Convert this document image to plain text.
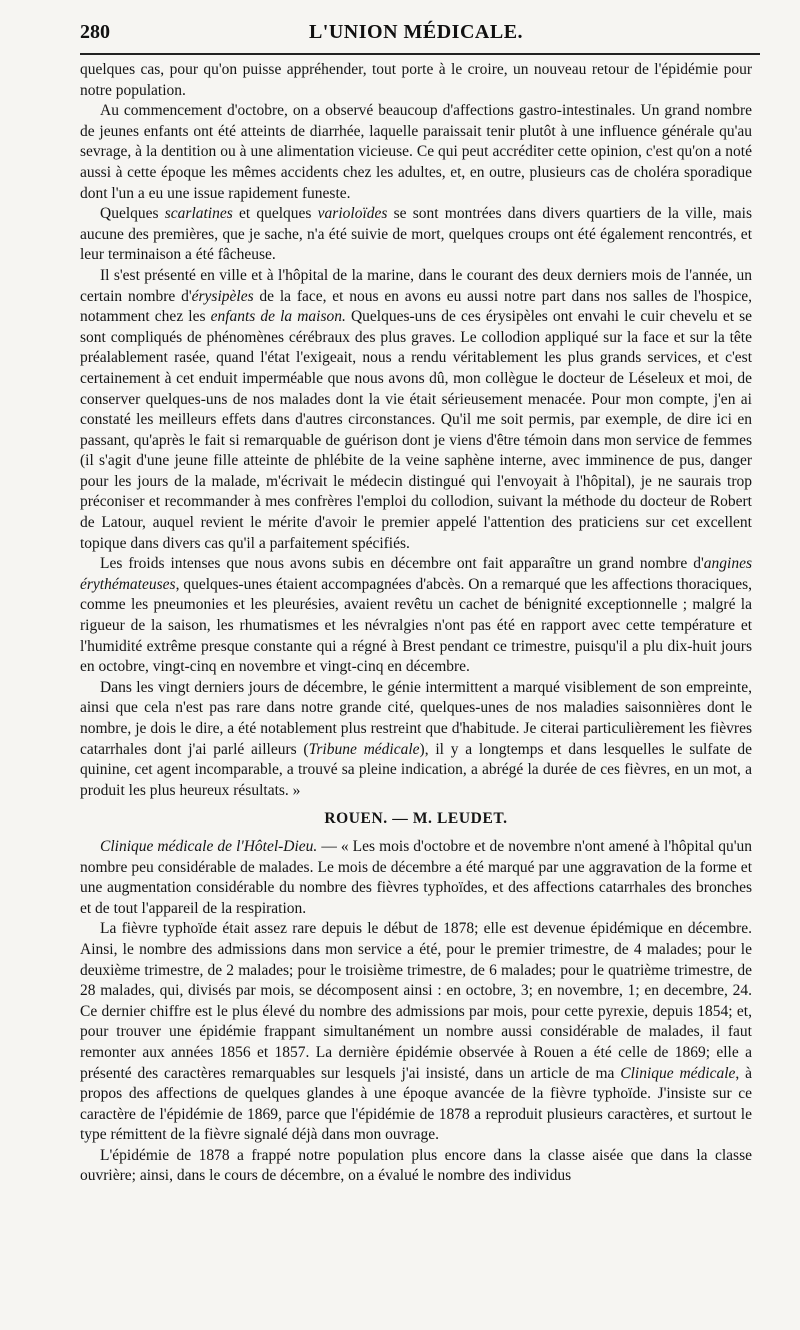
280	L'UNION MÉDICALE.

quelques cas, pour qu'on puisse appréhender, tout porte à le croire, un nouveau retour de l'épidémie pour notre population.

Au commencement d'octobre, on a observé beaucoup d'affections gastro-intestinales. Un grand nombre de jeunes enfants ont été atteints de diarrhée, laquelle paraissait tenir plutôt à une influence générale qu'au sevrage, à la dentition ou à une alimentation vicieuse. Ce qui peut accréditer cette opinion, c'est qu'on a noté aussi à cette époque les mêmes accidents chez les adultes, et, en outre, plusieurs cas de choléra sporadique dont l'un a eu une issue rapidement funeste.

Quelques scarlatines et quelques varioloïdes se sont montrées dans divers quartiers de la ville, mais aucune des premières, que je sache, n'a été suivie de mort, quelques croups ont été également rencontrés, et leur terminaison a été fâcheuse.

Il s'est présenté en ville et à l'hôpital de la marine, dans le courant des deux derniers mois de l'année, un certain nombre d'érysipèles de la face, et nous en avons eu aussi notre part dans nos salles de l'hospice, notamment chez les enfants de la maison. Quelques-uns de ces érysipèles ont envahi le cuir chevelu et se sont compliqués de phénomènes cérébraux des plus graves. Le collodion appliqué sur la face et sur la tête préalablement rasée, quand l'état l'exigeait, nous a rendu véritablement les plus grands services, et c'est certainement à cet enduit imperméable que nous avons dû, mon collègue le docteur de Léseleux et moi, de conserver quelques-uns de nos malades dont la vie était sérieusement menacée. Pour mon compte, j'en ai constaté les meilleurs effets dans d'autres circonstances. Qu'il me soit permis, par exemple, de dire ici en passant, qu'après le fait si remarquable de guérison dont je viens d'être témoin dans mon service de femmes (il s'agit d'une jeune fille atteinte de phlébite de la veine saphène interne, avec imminence de pus, danger pour les jours de la malade, m'écrivait le médecin distingué qui l'envoyait à l'hôpital), je ne saurais trop préconiser et recommander à mes confrères l'emploi du collodion, suivant la méthode du docteur de Robert de Latour, auquel revient le mérite d'avoir le premier appelé l'attention des praticiens sur cet excellent topique dans divers cas qu'il a parfaitement spécifiés.

Les froids intenses que nous avons subis en décembre ont fait apparaître un grand nombre d'angines érythémateuses, quelques-unes étaient accompagnées d'abcès. On a remarqué que les affections thoraciques, comme les pneumonies et les pleurésies, avaient revêtu un cachet de bénignité exceptionnelle ; malgré la rigueur de la saison, les rhumatismes et les névralgies n'ont pas été en rapport avec cette température et l'humidité extrême presque constante qui a régné à Brest pendant ce trimestre, puisqu'il a plu dix-huit jours en octobre, vingt-cinq en novembre et vingt-cinq en décembre.

Dans les vingt derniers jours de décembre, le génie intermittent a marqué visiblement de son empreinte, ainsi que cela n'est pas rare dans notre grande cité, quelques-unes de nos maladies saisonnières dont le nombre, je dois le dire, a été notablement plus restreint que d'habitude. Je citerai particulièrement les fièvres catarrhales dont j'ai parlé ailleurs (Tribune médicale), il y a longtemps et dans lesquelles le sulfate de quinine, cet agent incomparable, a trouvé sa pleine indication, a abrégé la durée de ces fièvres, en un mot, a produit les plus heureux résultats. »

ROUEN. — M. LEUDET.

Clinique médicale de l'Hôtel-Dieu. — « Les mois d'octobre et de novembre n'ont amené à l'hôpital qu'un nombre peu considérable de malades. Le mois de décembre a été marqué par une aggravation de la forme et une augmentation considérable du nombre des fièvres typhoïdes, et des affections catarrhales des bronches et de tout l'appareil de la respiration.

La fièvre typhoïde était assez rare depuis le début de 1878; elle est devenue épidémique en décembre. Ainsi, le nombre des admissions dans mon service a été, pour le premier trimestre, de 4 malades; pour le deuxième trimestre, de 2 malades; pour le troisième trimestre, de 6 malades; pour le quatrième trimestre, de 28 malades, qui, divisés par mois, se décomposent ainsi : en octobre, 3; en novembre, 1; en decembre, 24. Ce dernier chiffre est le plus élevé du nombre des admissions par mois, pour cette pyrexie, depuis 1854; et, pour trouver une épidémie frappant simultanément un nombre aussi considérable de malades, il faut remonter aux années 1856 et 1857. La dernière épidémie observée à Rouen a été celle de 1869; elle a présenté des caractères remarquables sur lesquels j'ai insisté, dans un article de ma Clinique médicale, à propos des affections de quelques glandes à une époque avancée de la fièvre typhoïde. J'insiste sur ce caractère de l'épidémie de 1869, parce que l'épidémie de 1878 a reproduit plusieurs caractères, et surtout le type rémittent de la fièvre signalé déjà dans mon ouvrage.

L'épidémie de 1878 a frappé notre population plus encore dans la classe aisée que dans la classe ouvrière; ainsi, dans le cours de décembre, on a évalué le nombre des individus
